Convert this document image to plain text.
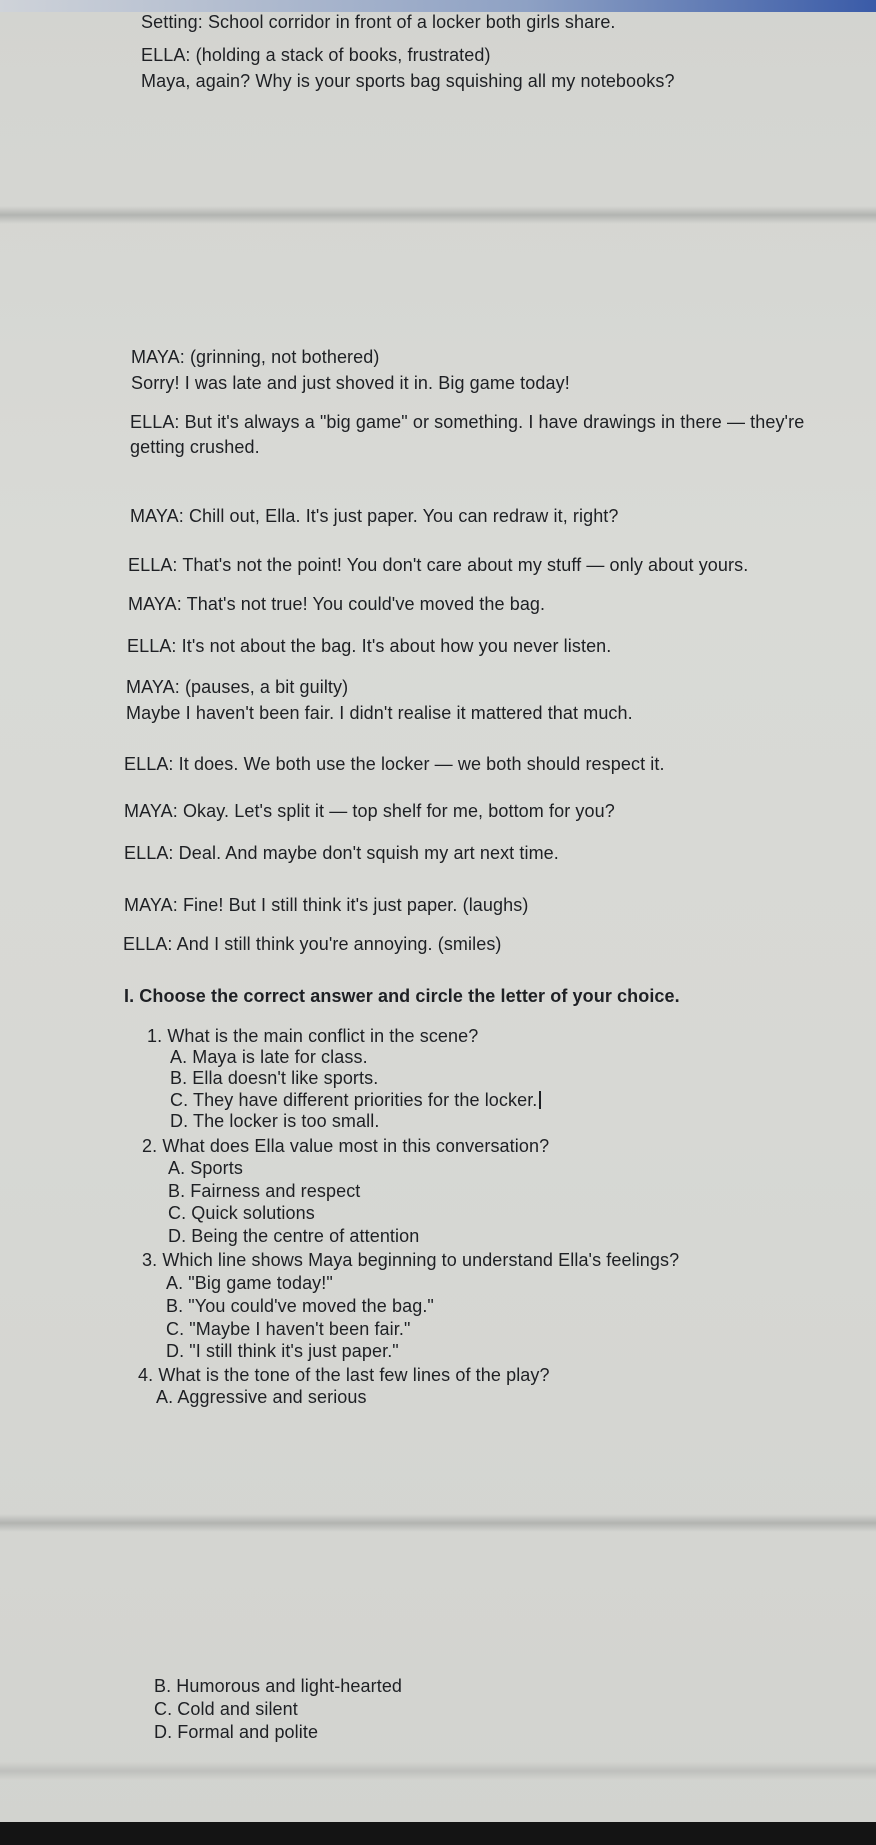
Setting: School corridor in front of a locker both girls share.
ELLA: (holding a stack of books, frustrated)
Maya, again? Why is your sports bag squishing all my notebooks?
MAYA: (grinning, not bothered)
Sorry! I was late and just shoved it in. Big game today!
ELLA: But it's always a "big game" or something. I have drawings in there — they're
getting crushed.
MAYA: Chill out, Ella. It's just paper. You can redraw it, right?
ELLA: That's not the point! You don't care about my stuff — only about yours.
MAYA: That's not true! You could've moved the bag.
ELLA: It's not about the bag. It's about how you never listen.
MAYA: (pauses, a bit guilty)
Maybe I haven't been fair. I didn't realise it mattered that much.
ELLA: It does. We both use the locker — we both should respect it.
MAYA: Okay. Let's split it — top shelf for me, bottom for you?
ELLA: Deal. And maybe don't squish my art next time.
MAYA: Fine! But I still think it's just paper. (laughs)
ELLA: And I still think you're annoying. (smiles)
I. Choose the correct answer and circle the letter of your choice.
1. What is the main conflict in the scene?
A. Maya is late for class.
B. Ella doesn't like sports.
C. They have different priorities for the locker.
D. The locker is too small.
2. What does Ella value most in this conversation?
A. Sports
B. Fairness and respect
C. Quick solutions
D. Being the centre of attention
3. Which line shows Maya beginning to understand Ella's feelings?
A. "Big game today!"
B. "You could've moved the bag."
C. "Maybe I haven't been fair."
D. "I still think it's just paper."
4. What is the tone of the last few lines of the play?
A. Aggressive and serious
B. Humorous and light-hearted
C. Cold and silent
D. Formal and polite
